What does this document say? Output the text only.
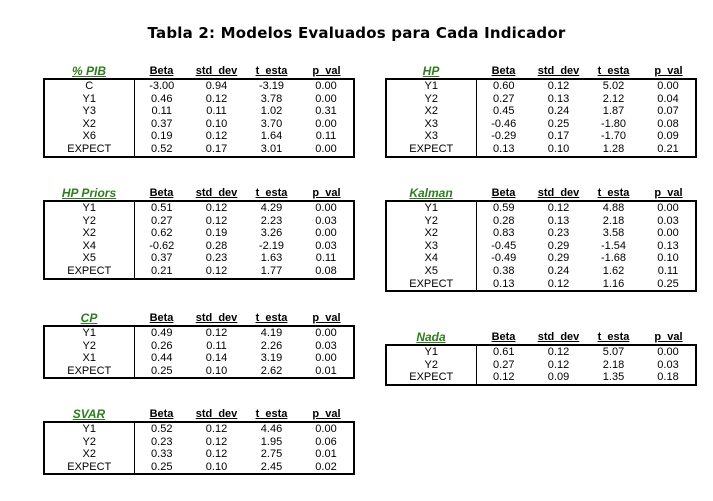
Tabla 2: Modelos Evaluados para Cada Indicador
% PIB	Beta	std_dev	t_esta	p_val
C	-3.00	0.94	-3.19	0.00
Y1	0.46	0.12	3.78	0.00
Y3	0.11	0.11	1.02	0.31
X2	0.37	0.10	3.70	0.00
X6	0.19	0.12	1.64	0.11
EXPECT	0.52	0.17	3.01	0.00
HP	Beta	std_dev	t_esta	p_val
Y1	0.60	0.12	5.02	0.00
Y2	0.27	0.13	2.12	0.04
X2	0.45	0.24	1.87	0.07
X3	-0.46	0.25	-1.80	0.08
X3	-0.29	0.17	-1.70	0.09
EXPECT	0.13	0.10	1.28	0.21
HP Priors	Beta	std_dev	t_esta	p_val
Y1	0.51	0.12	4.29	0.00
Y2	0.27	0.12	2.23	0.03
X2	0.62	0.19	3.26	0.00
X4	-0.62	0.28	-2.19	0.03
X5	0.37	0.23	1.63	0.11
EXPECT	0.21	0.12	1.77	0.08
Kalman	Beta	std_dev	t_esta	p_val
Y1	0.59	0.12	4.88	0.00
Y2	0.28	0.13	2.18	0.03
X2	0.83	0.23	3.58	0.00
X3	-0.45	0.29	-1.54	0.13
X4	-0.49	0.29	-1.68	0.10
X5	0.38	0.24	1.62	0.11
EXPECT	0.13	0.12	1.16	0.25
CP	Beta	std_dev	t_esta	p_val
Y1	0.49	0.12	4.19	0.00
Y2	0.26	0.11	2.26	0.03
X1	0.44	0.14	3.19	0.00
EXPECT	0.25	0.10	2.62	0.01
Nada	Beta	std_dev	t_esta	p_val
Y1	0.61	0.12	5.07	0.00
Y2	0.27	0.12	2.18	0.03
EXPECT	0.12	0.09	1.35	0.18
SVAR	Beta	std_dev	t_esta	p_val
Y1	0.52	0.12	4.46	0.00
Y2	0.23	0.12	1.95	0.06
X2	0.33	0.12	2.75	0.01
EXPECT	0.25	0.10	2.45	0.02
